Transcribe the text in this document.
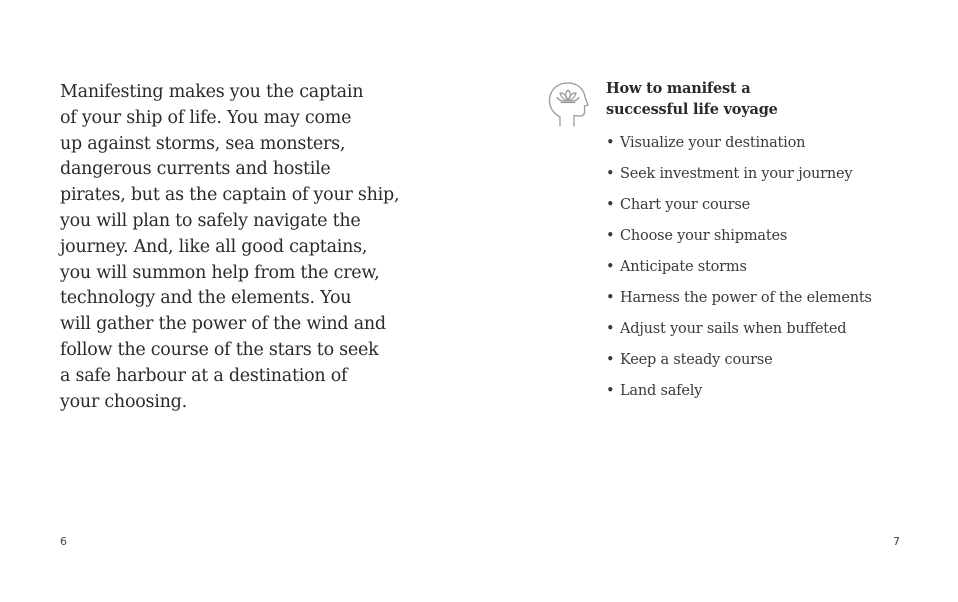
Manifesting makes you the captain
of your ship of life. You may come
up against storms, sea monsters,
dangerous currents and hostile
pirates, but as the captain of your ship,
you will plan to safely navigate the
journey. And, like all good captains,
you will summon help from the crew,
technology and the elements. You
will gather the power of the wind and
follow the course of the stars to seek
a safe harbour at a destination of
your choosing.

6
How to manifest a
successful life voyage
• Visualize your destination
• Seek investment in your journey
• Chart your course
• Choose your shipmates
• Anticipate storms
• Harness the power of the elements
• Adjust your sails when buffeted
• Keep a steady course
• Land safely
7
